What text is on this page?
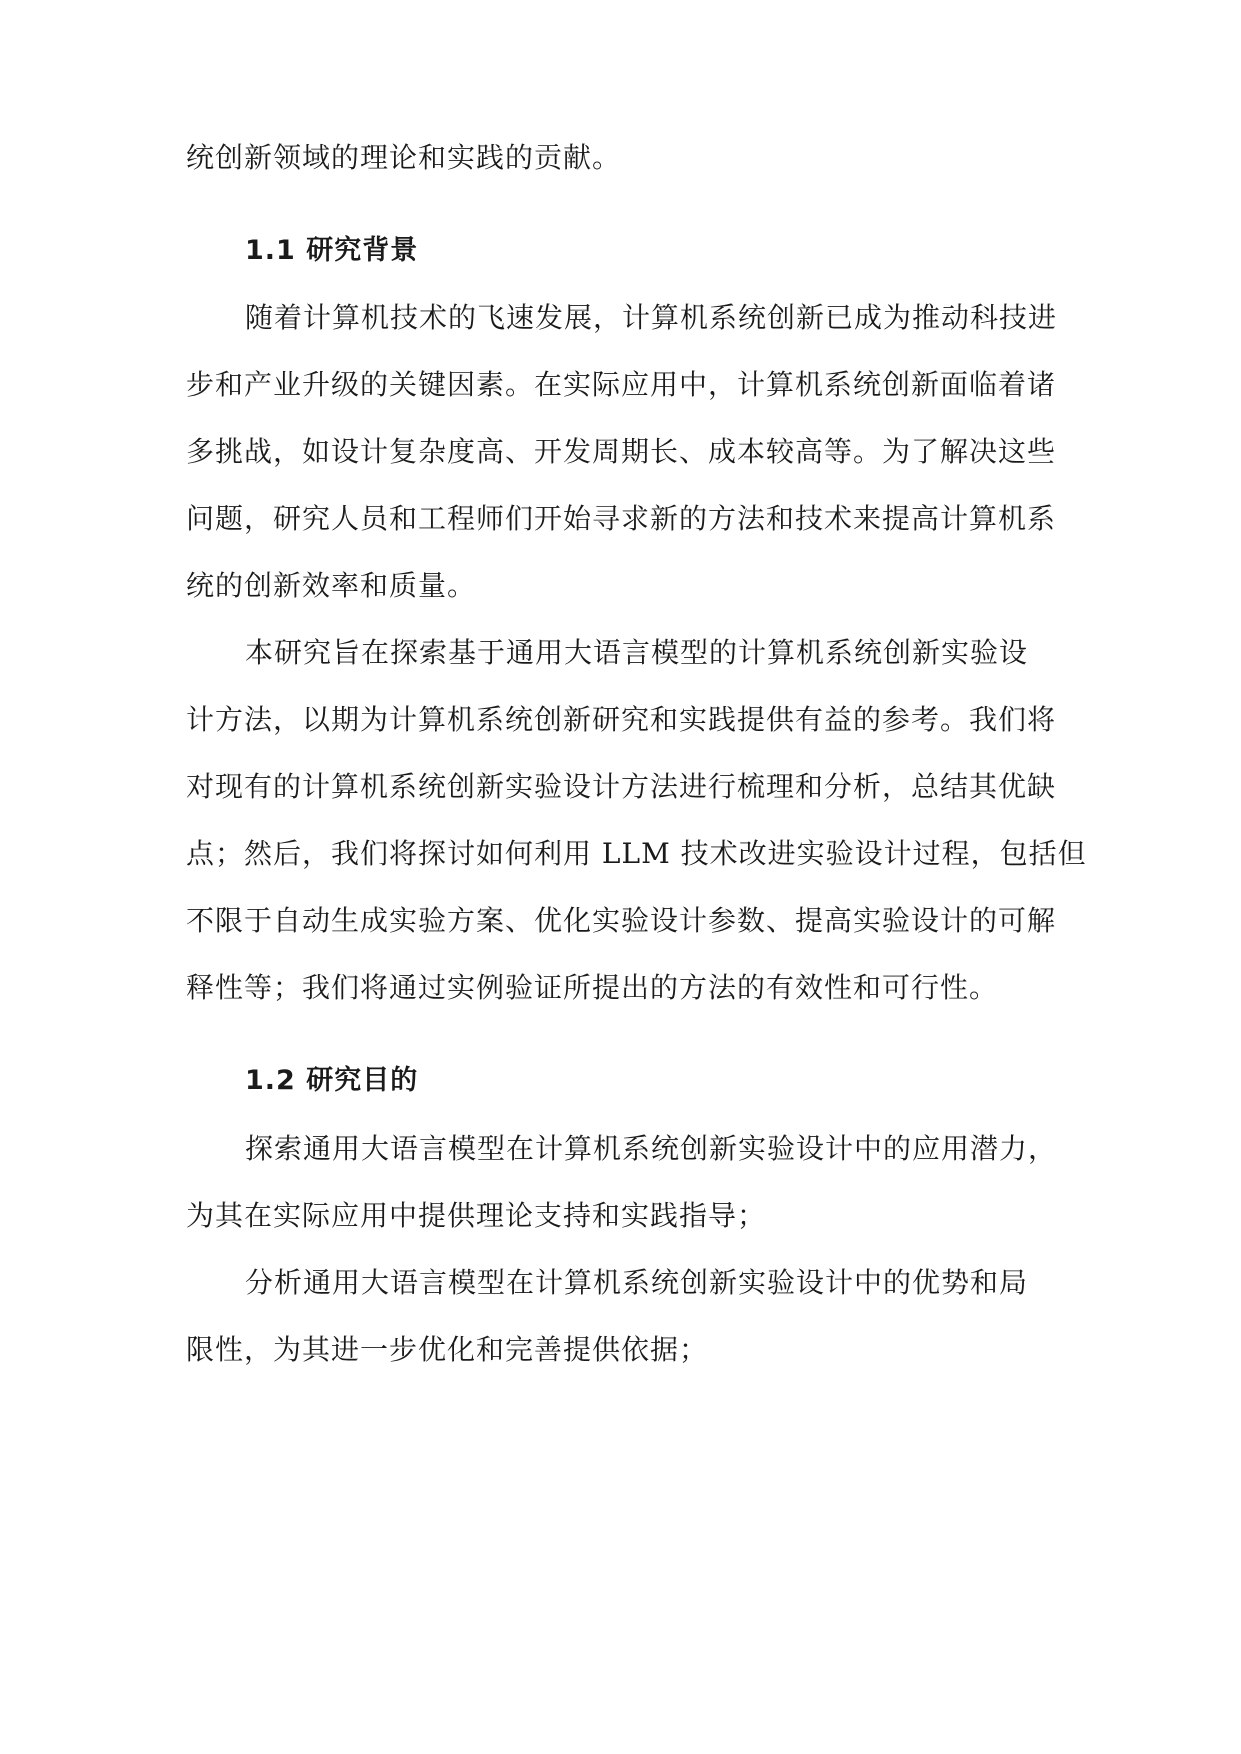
统创新领域的理论和实践的贡献。
1.1 研究背景
随着计算机技术的飞速发展，计算机系统创新已成为推动科技进
步和产业升级的关键因素。在实际应用中，计算机系统创新面临着诸
多挑战，如设计复杂度高、开发周期长、成本较高等。为了解决这些
问题，研究人员和工程师们开始寻求新的方法和技术来提高计算机系
统的创新效率和质量。
本研究旨在探索基于通用大语言模型的计算机系统创新实验设
计方法，以期为计算机系统创新研究和实践提供有益的参考。我们将
对现有的计算机系统创新实验设计方法进行梳理和分析，总结其优缺
点；然后，我们将探讨如何利用 LLM 技术改进实验设计过程，包括但
不限于自动生成实验方案、优化实验设计参数、提高实验设计的可解
释性等；我们将通过实例验证所提出的方法的有效性和可行性。
1.2 研究目的
探索通用大语言模型在计算机系统创新实验设计中的应用潜力，
为其在实际应用中提供理论支持和实践指导；
分析通用大语言模型在计算机系统创新实验设计中的优势和局
限性，为其进一步优化和完善提供依据；
